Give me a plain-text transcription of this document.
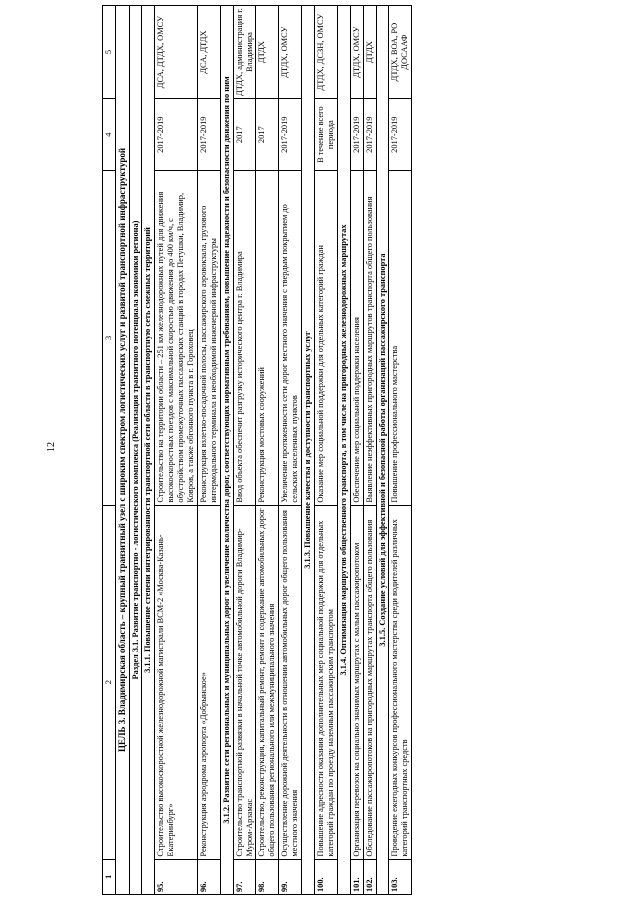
12
1	2	3	4	5
ЦЕЛЬ 3. Владимирская область – крупный транзитный узел с широким спектром логистических услуг и развитой транспортной инфраструктурой				
Раздел 3.1. Развитие транспортно - логистического комплекса (Реализация транзитного потенциала экономики региона)				
3.1.1. Повышение степени интегрированности транспортной сети области в транспортную сеть смежных территорий				
95.	Строительство высокоскоростной железнодорожной магистрали ВСМ-2 «Москва-Казань-Екатеринбург»	Строительство на территории области – 251 км железнодорожных путей для движения высокоскоростных поездов с максимальной скоростью движения до 400 км/ч, с обустройством промежуточных пассажирских станций в городах Петушки, Владимир, Ковров, а также обгонного пункта в г. Гороховец	2017-2019	ДСА, ДТДХ, ОМСУ
96.	Реконструкция аэродрома аэропорта «Добрынское»	Реконструкция взлетно-посадочной полосы, пассажирского аэровокзала, грузового интермодального терминала и необходимой инженерной инфраструктуры	2017-2019	ДСА, ДТДХ
3.1.2. Развитие сети региональных и муниципальных дорог и увеличение количества дорог, соответствующих нормативным требованиям, повышение надежности и безопасности движения по ним				
97.	Строительство транспортной развязки в начальной точке автомобильной дороги Владимир-Муром-Арзамас	Ввод объекта обеспечит разгрузку исторического центра г. Владимира	2017	ДТДХ, администрация г. Владимира
98.	Строительство, реконструкция, капитальный ремонт, ремонт и содержание автомобильных дорог общего пользования регионального или межмуниципального значения	Реконструкция мостовых сооружений	2017	ДТДХ
99.	Осуществление дорожной деятельности в отношении автомобильных дорог общего пользования местного значения	Увеличение протяженности сети дорог местного значения с твердым покрытием до сельских населенных пунктов	2017-2019	ДТДХ, ОМСУ
3.1.3. Повышение качества и доступности транспортных услуг				
100.	Повышение адресности оказания дополнительных мер социальной поддержки для отдельных категорий граждан по проезду наземным пассажирским транспортом	Оказание мер социальной поддержки для отдельных категорий граждан	В течение всего периода	ДТДХ, ДСЗН, ОМСУ
3.1.4. Оптимизация маршрутов общественного транспорта, в том числе на пригородных железнодорожных маршрутах				
101.	Организация перевозок на социально значимых маршрутах с малым пассажиропотоком	Обеспечение мер социальной поддержки населения	2017-2019	ДТДХ, ОМСУ
102.	Обследование пассажиропотоков на пригородных маршрутах транспорта общего пользования	Выявление неэффективных пригородных маршрутов транспорта общего пользования	2017-2019	ДТДХ
3.1.5. Создание условий для эффективной и безопасной работы организаций пассажирского транспорта				
103.	Проведение ежегодных конкурсов профессионального мастерства среди водителей различных категорий транспортных средств	Повышение профессионального мастерства	2017-2019	ДТДХ, ВОА, РО ДОСААФ
